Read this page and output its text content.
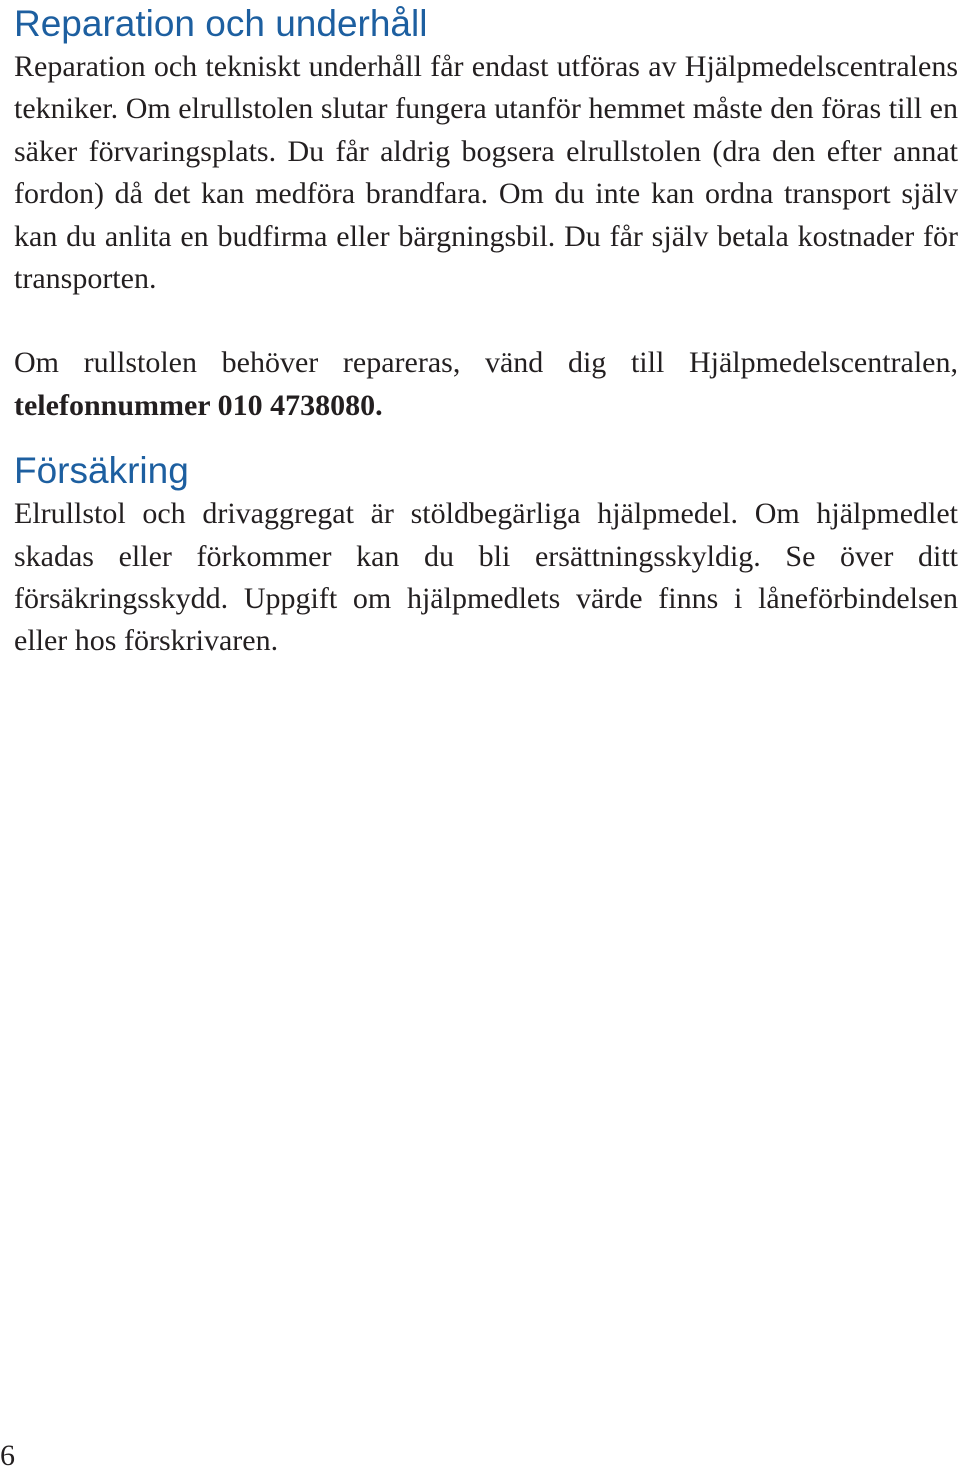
Reparation och underhåll

Reparation och tekniskt underhåll får endast utföras av Hjälpmedelscentralens tekniker. Om elrullstolen slutar fungera utanför hemmet måste den föras till en säker förvaringsplats. Du får aldrig bogsera elrullstolen (dra den efter annat fordon) då det kan medföra brandfara. Om du inte kan ordna transport själv kan du anlita en budfirma eller bärgningsbil. Du får själv betala kostnader för transporten.

Om rullstolen behöver repareras, vänd dig till Hjälpmedelscentralen, telefonnummer 010 4738080.

Försäkring

Elrullstol och drivaggregat är stöldbegärliga hjälpmedel. Om hjälpmedlet skadas eller förkommer kan du bli ersättningsskyldig. Se över ditt försäkringsskydd. Uppgift om hjälpmedlets värde finns i låneförbindelsen eller hos förskrivaren.

6
